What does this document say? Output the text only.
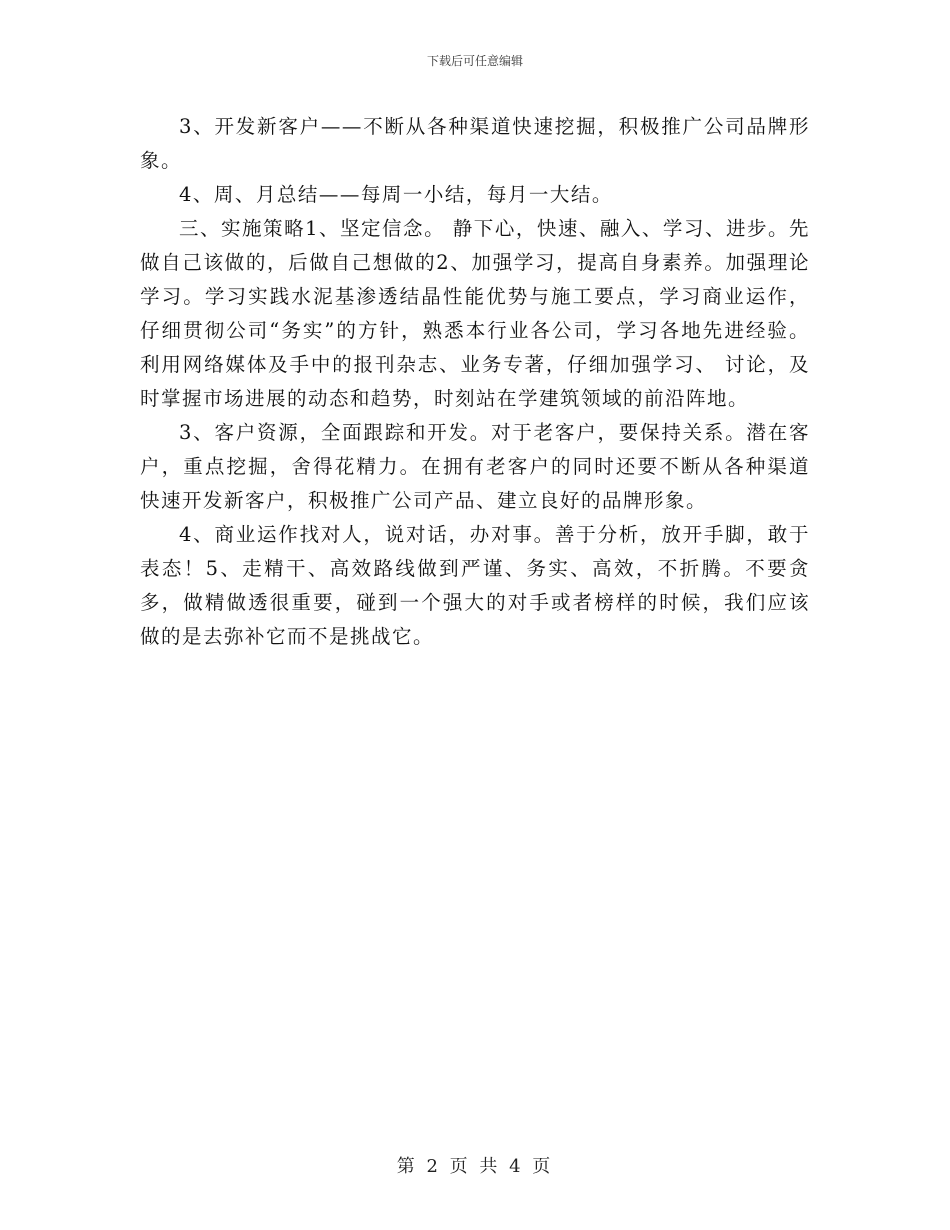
下载后可任意编辑

3、开发新客户——不断从各种渠道快速挖掘，积极推广公司品牌形象。

4、周、月总结——每周一小结，每月一大结。

三、实施策略1、坚定信念。 静下心，快速、融入、学习、进步。先做自己该做的，后做自己想做的2、加强学习，提高自身素养。加强理论学习。学习实践水泥基渗透结晶性能优势与施工要点，学习商业运作，仔细贯彻公司“务实”的方针，熟悉本行业各公司，学习各地先进经验。利用网络媒体及手中的报刊杂志、业务专著，仔细加强学习、 讨论，及时掌握市场进展的动态和趋势，时刻站在学建筑领域的前沿阵地。

3、客户资源，全面跟踪和开发。对于老客户，要保持关系。潜在客户，重点挖掘，舍得花精力。在拥有老客户的同时还要不断从各种渠道快速开发新客户，积极推广公司产品、建立良好的品牌形象。

4、商业运作找对人，说对话，办对事。善于分析，放开手脚，敢于表态！5、走精干、高效路线做到严谨、务实、高效，不折腾。不要贪多，做精做透很重要，碰到一个强大的对手或者榜样的时候，我们应该做的是去弥补它而不是挑战它。

第 2 页 共 4 页
